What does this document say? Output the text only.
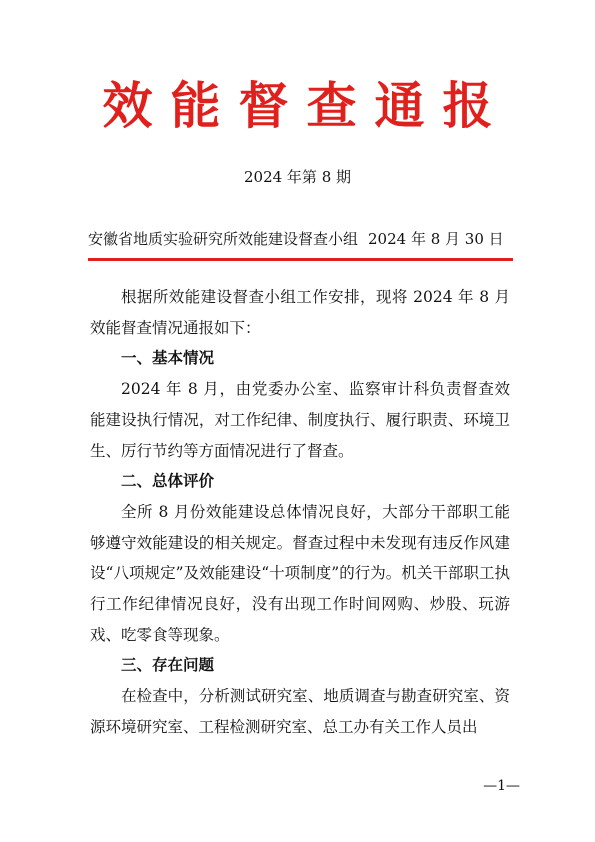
效能督查通报
2024 年第 8 期
安徽省地质实验研究所效能建设督查小组 2024 年 8 月 30 日

根据所效能建设督查小组工作安排，现将 2024 年 8 月效能督查情况通报如下：

一、基本情况

2024 年 8 月，由党委办公室、监察审计科负责督查效能建设执行情况，对工作纪律、制度执行、履行职责、环境卫生、厉行节约等方面情况进行了督查。

二、总体评价

全所 8 月份效能建设总体情况良好，大部分干部职工能够遵守效能建设的相关规定。督查过程中未发现有违反作风建设“八项规定”及效能建设“十项制度”的行为。机关干部职工执行工作纪律情况良好，没有出现工作时间网购、炒股、玩游戏、吃零食等现象。

三、存在问题

在检查中，分析测试研究室、地质调查与勘查研究室、资源环境研究室、工程检测研究室、总工办有关工作人员出

—1—
